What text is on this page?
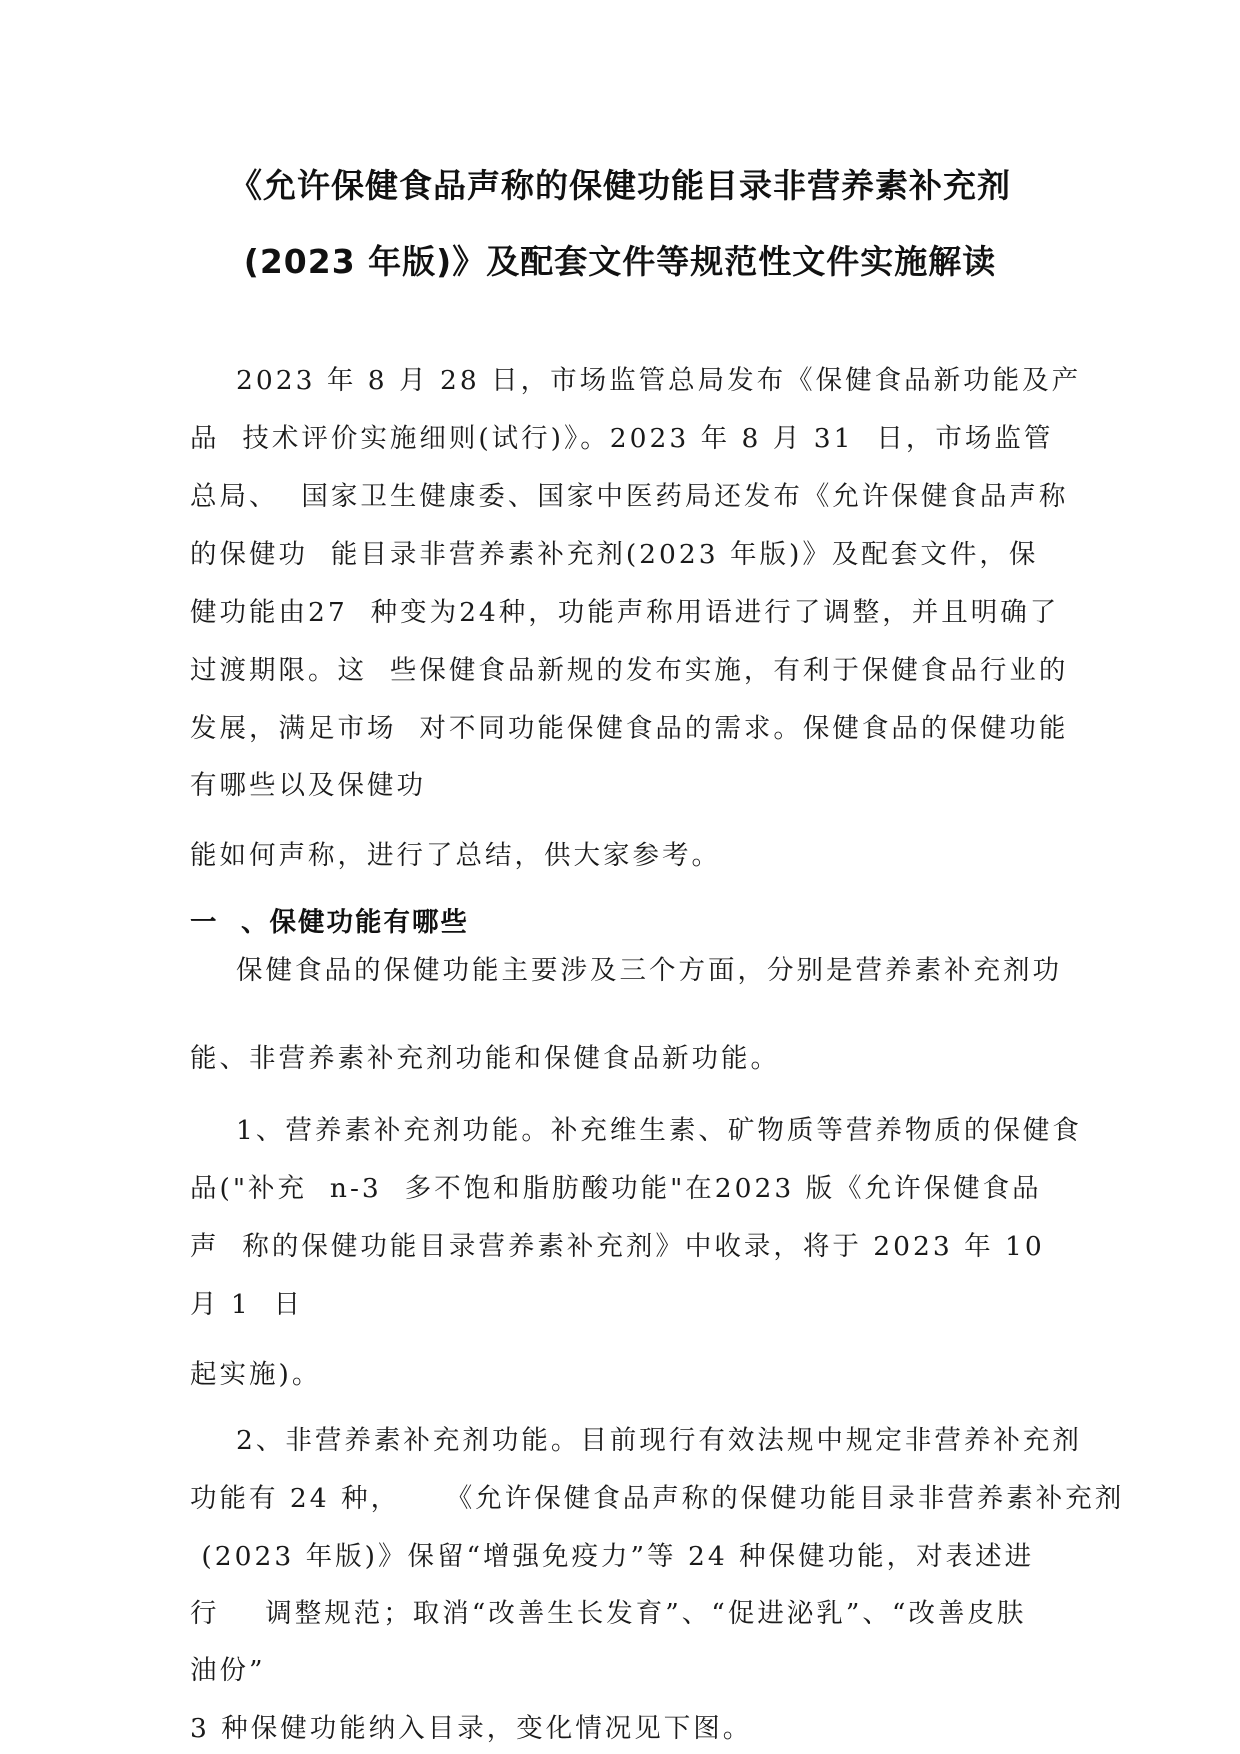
《允许保健食品声称的保健功能目录非营养素补充剂
(2023 年版)》及配套文件等规范性文件实施解读
2023 年 8 月 28 日，市场监管总局发布《保健食品新功能及产
品  技术评价实施细则(试行)》。2023 年 8 月 31  日，市场监管
总局、  国家卫生健康委、国家中医药局还发布《允许保健食品声称
的保健功  能目录非营养素补充剂(2023 年版)》及配套文件，保
健功能由27  种变为24种，功能声称用语进行了调整，并且明确了
过渡期限。这  些保健食品新规的发布实施，有利于保健食品行业的
发展，满足市场  对不同功能保健食品的需求。保健食品的保健功能
有哪些以及保健功
能如何声称，进行了总结，供大家参考。
一  、保健功能有哪些
保健食品的保健功能主要涉及三个方面，分别是营养素补充剂功
能、非营养素补充剂功能和保健食品新功能。
1、营养素补充剂功能。补充维生素、矿物质等营养物质的保健食
品("补充  n-3  多不饱和脂肪酸功能"在2023 版《允许保健食品
声  称的保健功能目录营养素补充剂》中收录，将于 2023 年 10
月 1  日
起实施)。
2、非营养素补充剂功能。目前现行有效法规中规定非营养补充剂
功能有 24 种，    《允许保健食品声称的保健功能目录非营养素补充剂
(2023 年版)》保留“增强免疫力”等 24 种保健功能，对表述进
行    调整规范；取消“改善生长发育”、“促进泌乳”、“改善皮肤
油份”
3 种保健功能纳入目录，变化情况见下图。
